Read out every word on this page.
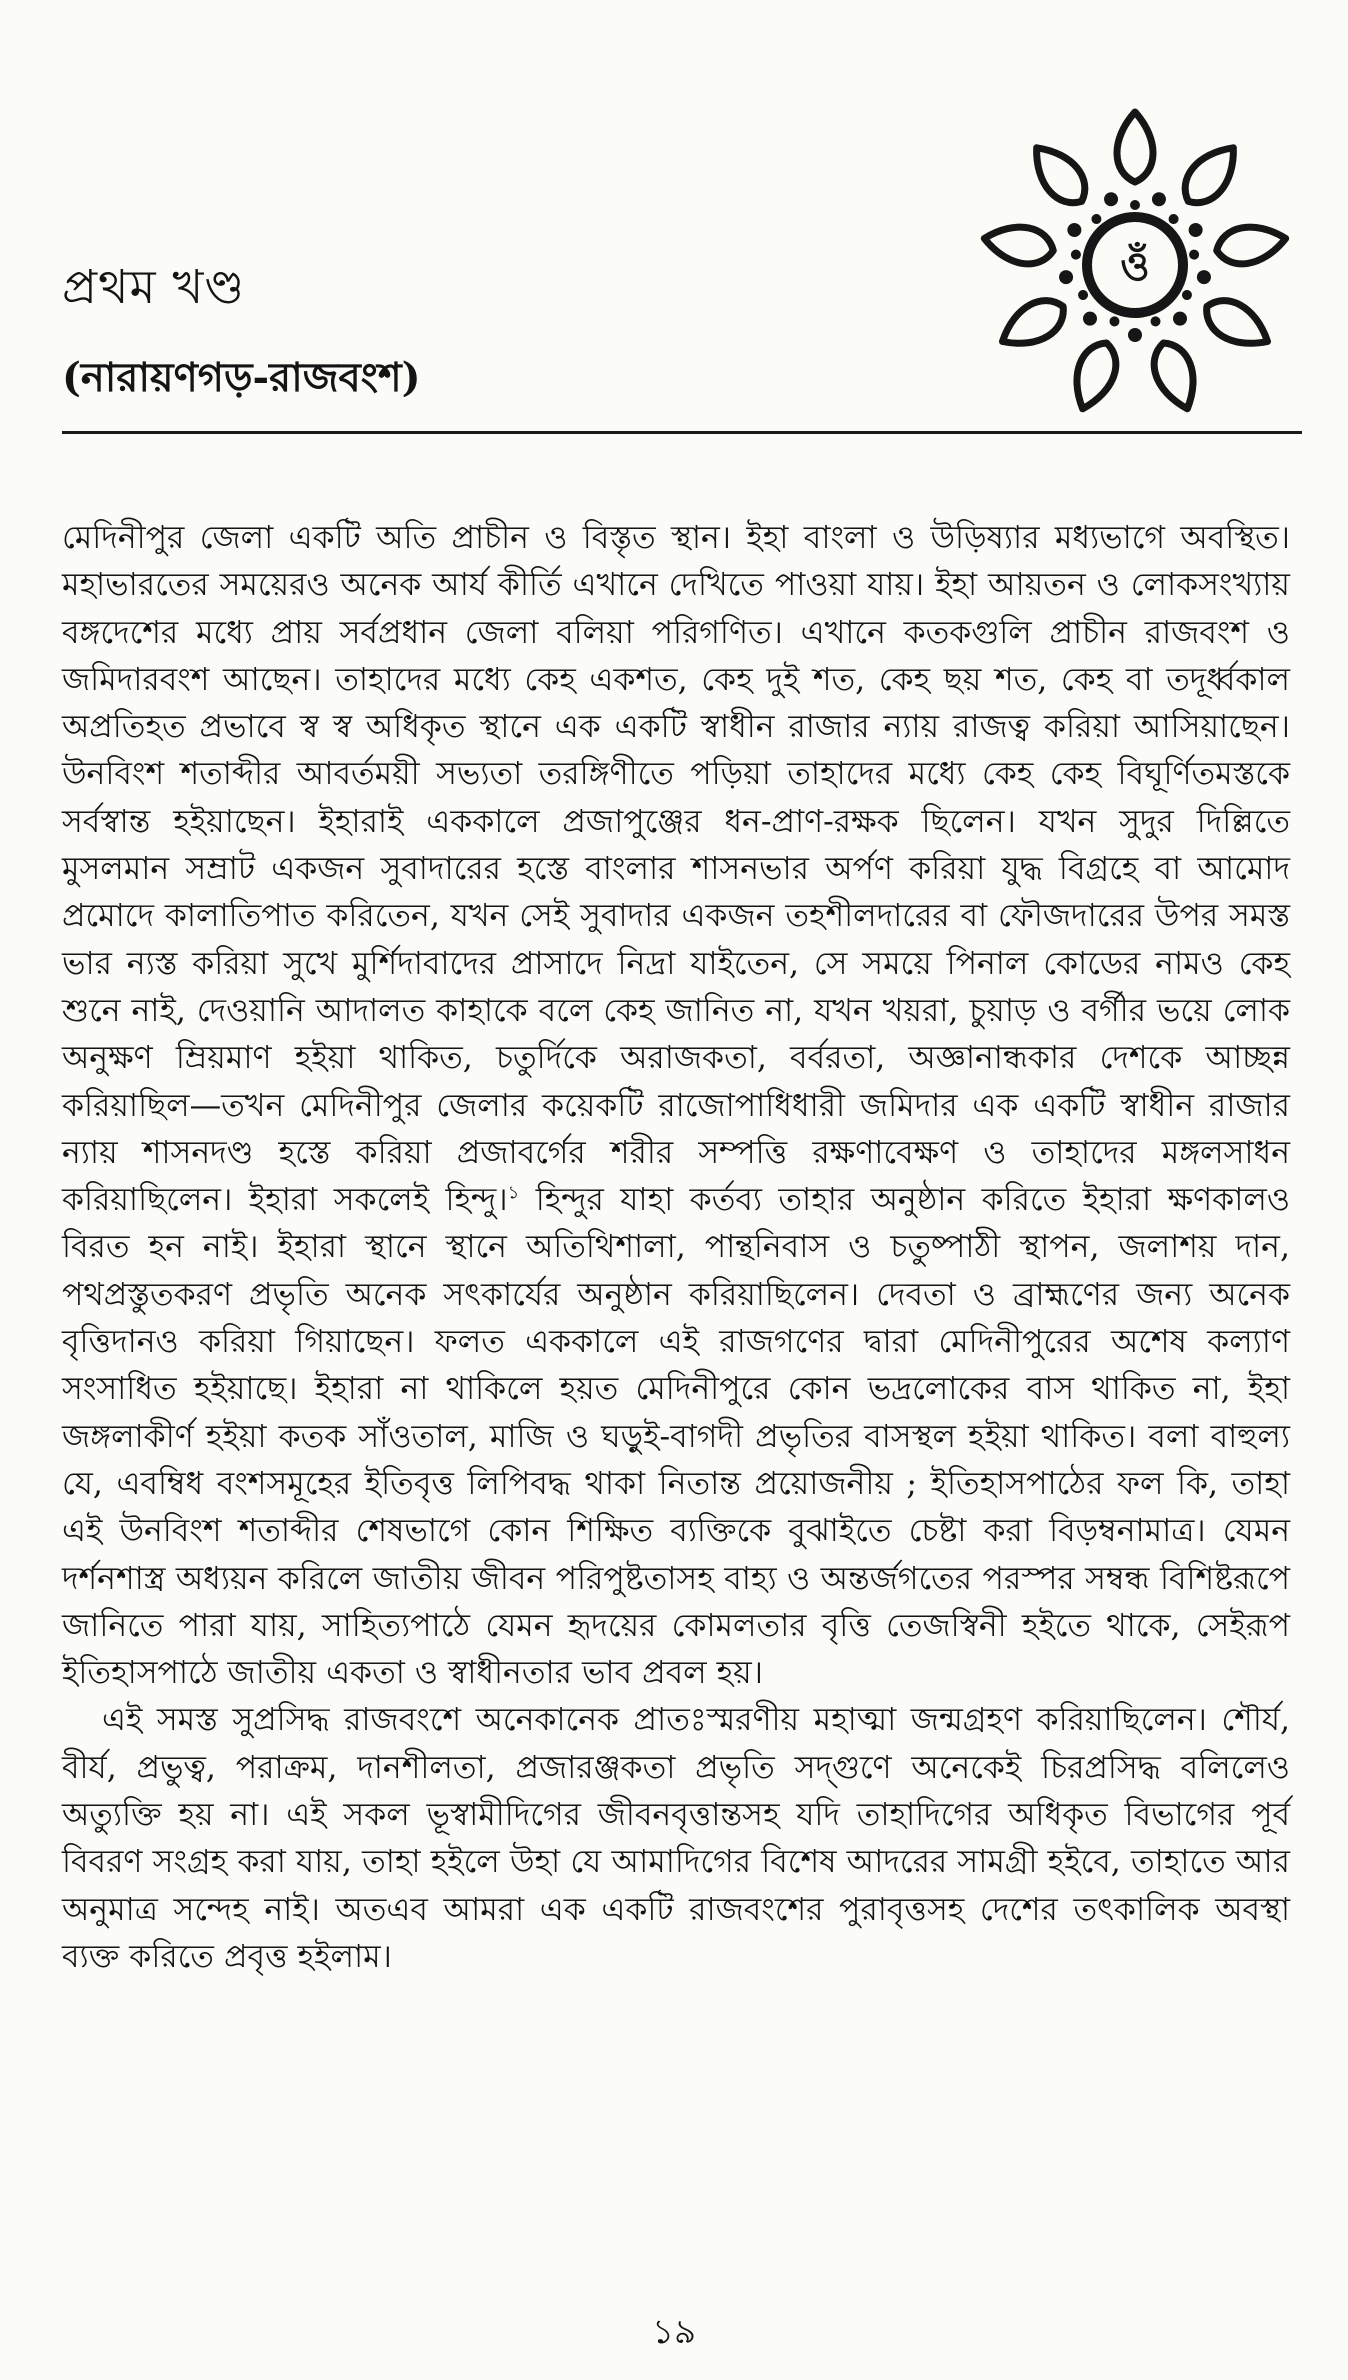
প্রথম খণ্ড
(নারায়ণগড়-রাজবংশ)
ওঁ

মেদিনীপুর জেলা একটি অতি প্রাচীন ও বিস্তৃত স্থান। ইহা বাংলা ও উড়িষ্যার মধ্যভাগে অবস্থিত। মহাভারতের সময়েরও অনেক আর্য কীর্তি এখানে দেখিতে পাওয়া যায়। ইহা আয়তন ও লোকসংখ্যায় বঙ্গদেশের মধ্যে প্রায় সর্বপ্রধান জেলা বলিয়া পরিগণিত। এখানে কতকগুলি প্রাচীন রাজবংশ ও জমিদারবংশ আছেন। তাহাদের মধ্যে কেহ একশত, কেহ দুই শত, কেহ ছয় শত, কেহ বা তদূর্ধ্বকাল অপ্রতিহত প্রভাবে স্ব স্ব অধিকৃত স্থানে এক একটি স্বাধীন রাজার ন্যায় রাজত্ব করিয়া আসিয়াছেন। উনবিংশ শতাব্দীর আবর্তময়ী সভ্যতা তরঙ্গিণীতে পড়িয়া তাহাদের মধ্যে কেহ কেহ বিঘূর্ণিতমস্তকে সর্বস্বান্ত হইয়াছেন। ইহারাই এককালে প্রজাপুঞ্জের ধন-প্রাণ-রক্ষক ছিলেন। যখন সুদুর দিল্লিতে মুসলমান সম্রাট একজন সুবাদারের হস্তে বাংলার শাসনভার অর্পণ করিয়া যুদ্ধ বিগ্রহে বা আমোদ প্রমোদে কালাতিপাত করিতেন, যখন সেই সুবাদার একজন তহশীলদারের বা ফৌজদারের উপর সমস্ত ভার ন্যস্ত করিয়া সুখে মুর্শিদাবাদের প্রাসাদে নিদ্রা যাইতেন, সে সময়ে পিনাল কোডের নামও কেহ শুনে নাই, দেওয়ানি আদালত কাহাকে বলে কেহ জানিত না, যখন খয়রা, চুয়াড় ও বর্গীর ভয়ে লোক অনুক্ষণ ম্রিয়মাণ হইয়া থাকিত, চতুর্দিকে অরাজকতা, বর্বরতা, অজ্ঞানান্ধকার দেশকে আচ্ছন্ন করিয়াছিল—তখন মেদিনীপুর জেলার কয়েকটি রাজোপাধিধারী জমিদার এক একটি স্বাধীন রাজার ন্যায় শাসনদণ্ড হস্তে করিয়া প্রজাবর্গের শরীর সম্পত্তি রক্ষণাবেক্ষণ ও তাহাদের মঙ্গলসাধন করিয়াছিলেন। ইহারা সকলেই হিন্দু।$^১$ হিন্দুর যাহা কর্তব্য তাহার অনুষ্ঠান করিতে ইহারা ক্ষণকালও বিরত হন নাই। ইহারা স্থানে স্থানে অতিথিশালা, পান্থনিবাস ও চতুষ্পাঠী স্থাপন, জলাশয় দান, পথপ্রস্তুতকরণ প্রভৃতি অনেক সৎকার্যের অনুষ্ঠান করিয়াছিলেন। দেবতা ও ব্রাহ্মণের জন্য অনেক বৃত্তিদানও করিয়া গিয়াছেন। ফলত এককালে এই রাজগণের দ্বারা মেদিনীপুরের অশেষ কল্যাণ সংসাধিত হইয়াছে। ইহারা না থাকিলে হয়ত মেদিনীপুরে কোন ভদ্রলোকের বাস থাকিত না, ইহা জঙ্গলাকীর্ণ হইয়া কতক সাঁওতাল, মাজি ও ঘড়ুই-বাগদী প্রভৃতির বাসস্থল হইয়া থাকিত। বলা বাহুল্য যে, এবম্বিধ বংশসমূহের ইতিবৃত্ত লিপিবদ্ধ থাকা নিতান্ত প্রয়োজনীয় ; ইতিহাসপাঠের ফল কি, তাহা এই উনবিংশ শতাব্দীর শেষভাগে কোন শিক্ষিত ব্যক্তিকে বুঝাইতে চেষ্টা করা বিড়ম্বনামাত্র। যেমন দর্শনশাস্ত্র অধ্যয়ন করিলে জাতীয় জীবন পরিপুষ্টতাসহ বাহ্য ও অন্তর্জগতের পরস্পর সম্বন্ধ বিশিষ্টরূপে জানিতে পারা যায়, সাহিত্যপাঠে যেমন হৃদয়ের কোমলতার বৃত্তি তেজস্বিনী হইতে থাকে, সেইরূপ ইতিহাসপাঠে জাতীয় একতা ও স্বাধীনতার ভাব প্রবল হয়।

এই সমস্ত সুপ্রসিদ্ধ রাজবংশে অনেকানেক প্রাতঃস্মরণীয় মহাত্মা জন্মগ্রহণ করিয়াছিলেন। শৌর্য, বীর্য, প্রভুত্ব, পরাক্রম, দানশীলতা, প্রজারঞ্জকতা প্রভৃতি সদ্‌গুণে অনেকেই চিরপ্রসিদ্ধ বলিলেও অত্যুক্তি হয় না। এই সকল ভূস্বামীদিগের জীবনবৃত্তান্তসহ যদি তাহাদিগের অধিকৃত বিভাগের পূর্ব বিবরণ সংগ্রহ করা যায়, তাহা হইলে উহা যে আমাদিগের বিশেষ আদরের সামগ্রী হইবে, তাহাতে আর অনুমাত্র সন্দেহ নাই। অতএব আমরা এক একটি রাজবংশের পুরাবৃত্তসহ দেশের তৎকালিক অবস্থা ব্যক্ত করিতে প্রবৃত্ত হইলাম।

১৯
